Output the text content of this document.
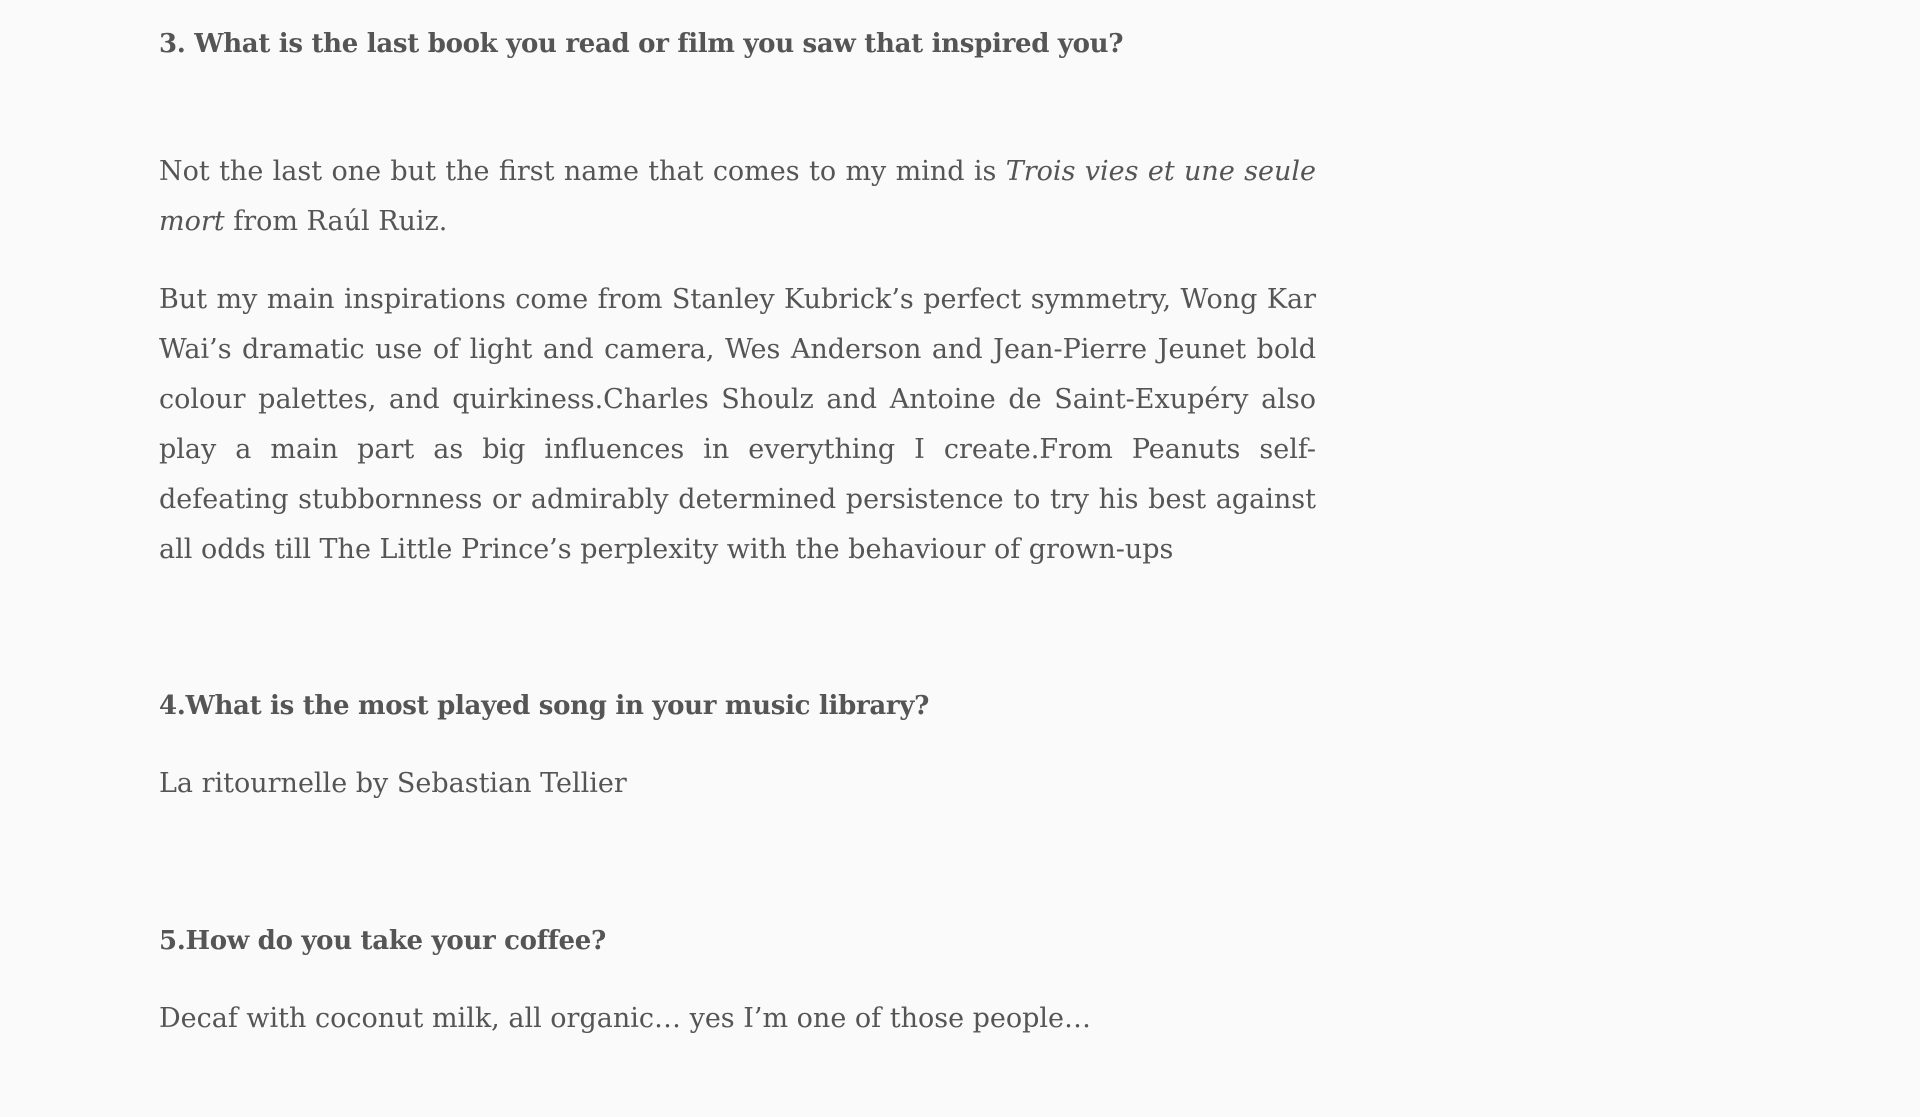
3. What is the last book you read or film you saw that inspired you?

Not the last one but the first name that comes to my mind is Trois vies et une seule mort from Raúl Ruiz.

But my main inspirations come from Stanley Kubrick’s perfect symmetry, Wong Kar Wai’s dramatic use of light and camera, Wes Anderson and Jean-Pierre Jeunet bold colour palettes, and quirkiness.Charles Shoulz and Antoine de Saint-Exupéry also play a main part as big influences in everything I create.From Peanuts self-defeating stubbornness or admirably determined persistence to try his best against all odds till The Little Prince’s perplexity with the behaviour of grown-ups

4.What is the most played song in your music library?

La ritournelle by Sebastian Tellier

5.How do you take your coffee?

Decaf with coconut milk, all organic… yes I’m one of those people…
